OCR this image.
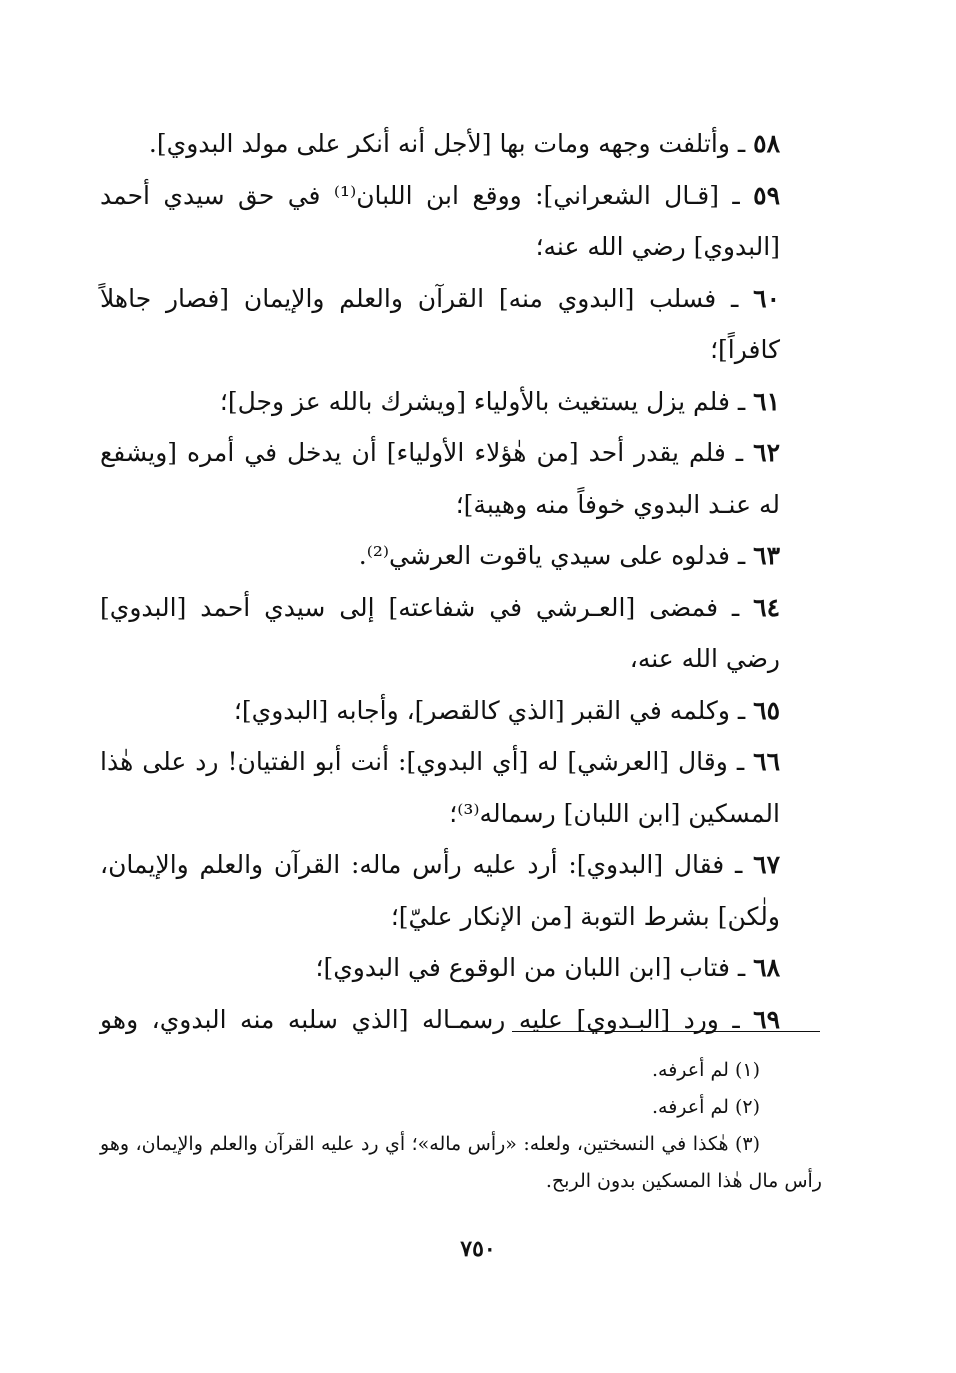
٥٨ ـ وأتلفت وجهه ومات بها [لأجل أنه أنكر على مولد البدوي].

٥٩ ـ [قـال الشعراني]: ووقع ابن اللبان⁽¹⁾ في حق سيدي أحمد [البدوي] رضي الله عنه؛

٦٠ ـ فسلب [البدوي منه] القرآن والعلم والإيمان [فصار جاهلاً كافراً]؛

٦١ ـ فلم يزل يستغيث بالأولياء [ويشرك بالله عز وجل]؛

٦٢ ـ فلم يقدر أحد [من هٰؤلاء الأولياء] أن يدخل في أمره [ويشفع له عنـد البدوي خوفاً منه وهيبة]؛

٦٣ ـ فدلوه على سيدي ياقوت العرشي⁽²⁾.

٦٤ ـ فمضى [العـرشي في شفاعته] إلى سيدي أحمد [البدوي] رضي الله عنه،

٦٥ ـ وكلمه في القبر [الذي كالقصر]، وأجابه [البدوي]؛

٦٦ ـ وقال [العرشي] له [أي البدوي]: أنت أبو الفتيان! رد على هٰذا المسكين [ابن اللبان] رسماله⁽³⁾؛

٦٧ ـ فقال [البدوي]: أرد عليه رأس ماله: القرآن والعلم والإيمان، ولٰكن] بشرط التوبة [من الإنكار عليّ]؛

٦٨ ـ فتاب [ابن اللبان من الوقوع في البدوي]؛

٦٩ ـ ورد [البـدوي] عليه رسمـاله [الذي سلبه منه البدوي، وهو

(١) لم أعرفه.

(٢) لم أعرفه.

(٣) هٰكذا في النسختين، ولعله: «رأس ماله»؛ أي رد عليه القرآن والعلم والإيمان، وهو رأس مال هٰذا المسكين بدون الربح.

٧٥٠
